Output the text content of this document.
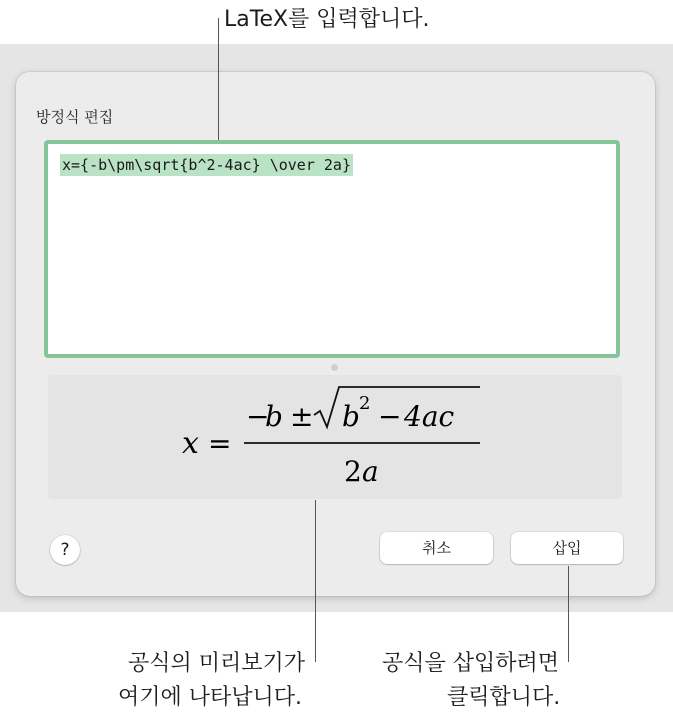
LaTeX를 입력합니다.
방정식 편집
x={-b\pm\sqrt{b^2-4ac} \over 2a}
x =
−
b ± b 2 − 4ac
2 a
?	취소	삽입
공식의 미리보기가
여기에 나타납니다.
공식을 삽입하려면
클릭합니다.
